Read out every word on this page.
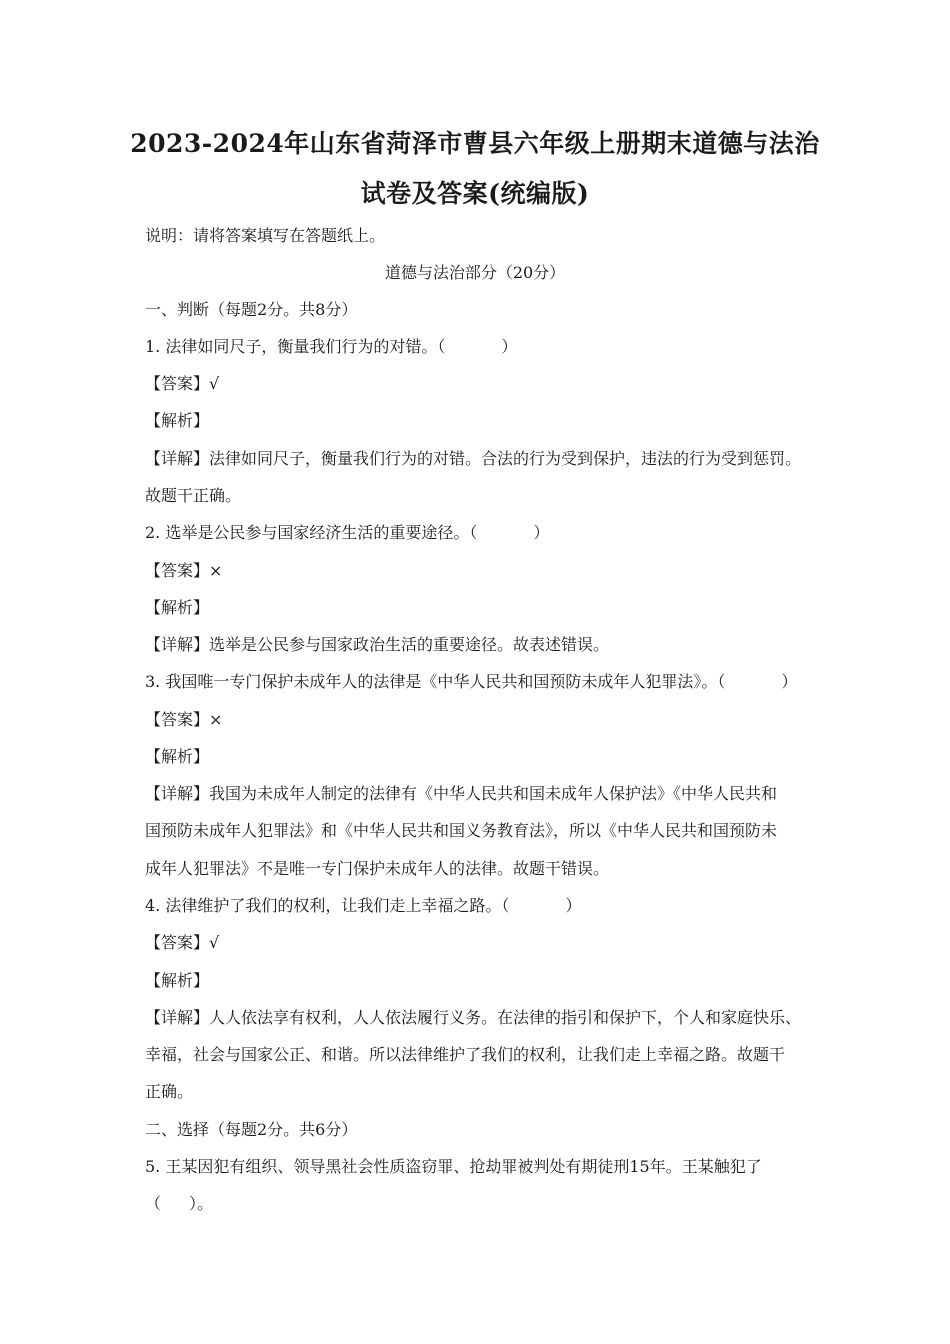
2023-2024年山东省菏泽市曹县六年级上册期末道德与法治
试卷及答案(统编版)
说明：请将答案填写在答题纸上。
道德与法治部分（20分）
一、判断（每题2分。共8分）
1. 法律如同尺子，衡量我们行为的对错。（	）
【答案】√
【解析】
【详解】法律如同尺子，衡量我们行为的对错。合法的行为受到保护，违法的行为受到惩罚。
故题干正确。
2. 选举是公民参与国家经济生活的重要途径。（	）
【答案】×
【解析】
【详解】选举是公民参与国家政治生活的重要途径。故表述错误。
3. 我国唯一专门保护未成年人的法律是《中华人民共和国预防未成年人犯罪法》。（	）
【答案】×
【解析】
【详解】我国为未成年人制定的法律有《中华人民共和国未成年人保护法》《中华人民共和
国预防未成年人犯罪法》和《中华人民共和国义务教育法》，所以《中华人民共和国预防未
成年人犯罪法》不是唯一专门保护未成年人的法律。故题干错误。
4. 法律维护了我们的权利，让我们走上幸福之路。（	）
【答案】√
【解析】
【详解】人人依法享有权利，人人依法履行义务。在法律的指引和保护下，个人和家庭快乐、
幸福，社会与国家公正、和谐。所以法律维护了我们的权利，让我们走上幸福之路。故题干
正确。
二、选择（每题2分。共6分）
5. 王某因犯有组织、领导黑社会性质盗窃罪、抢劫罪被判处有期徒刑15年。王某触犯了
（ ）。
